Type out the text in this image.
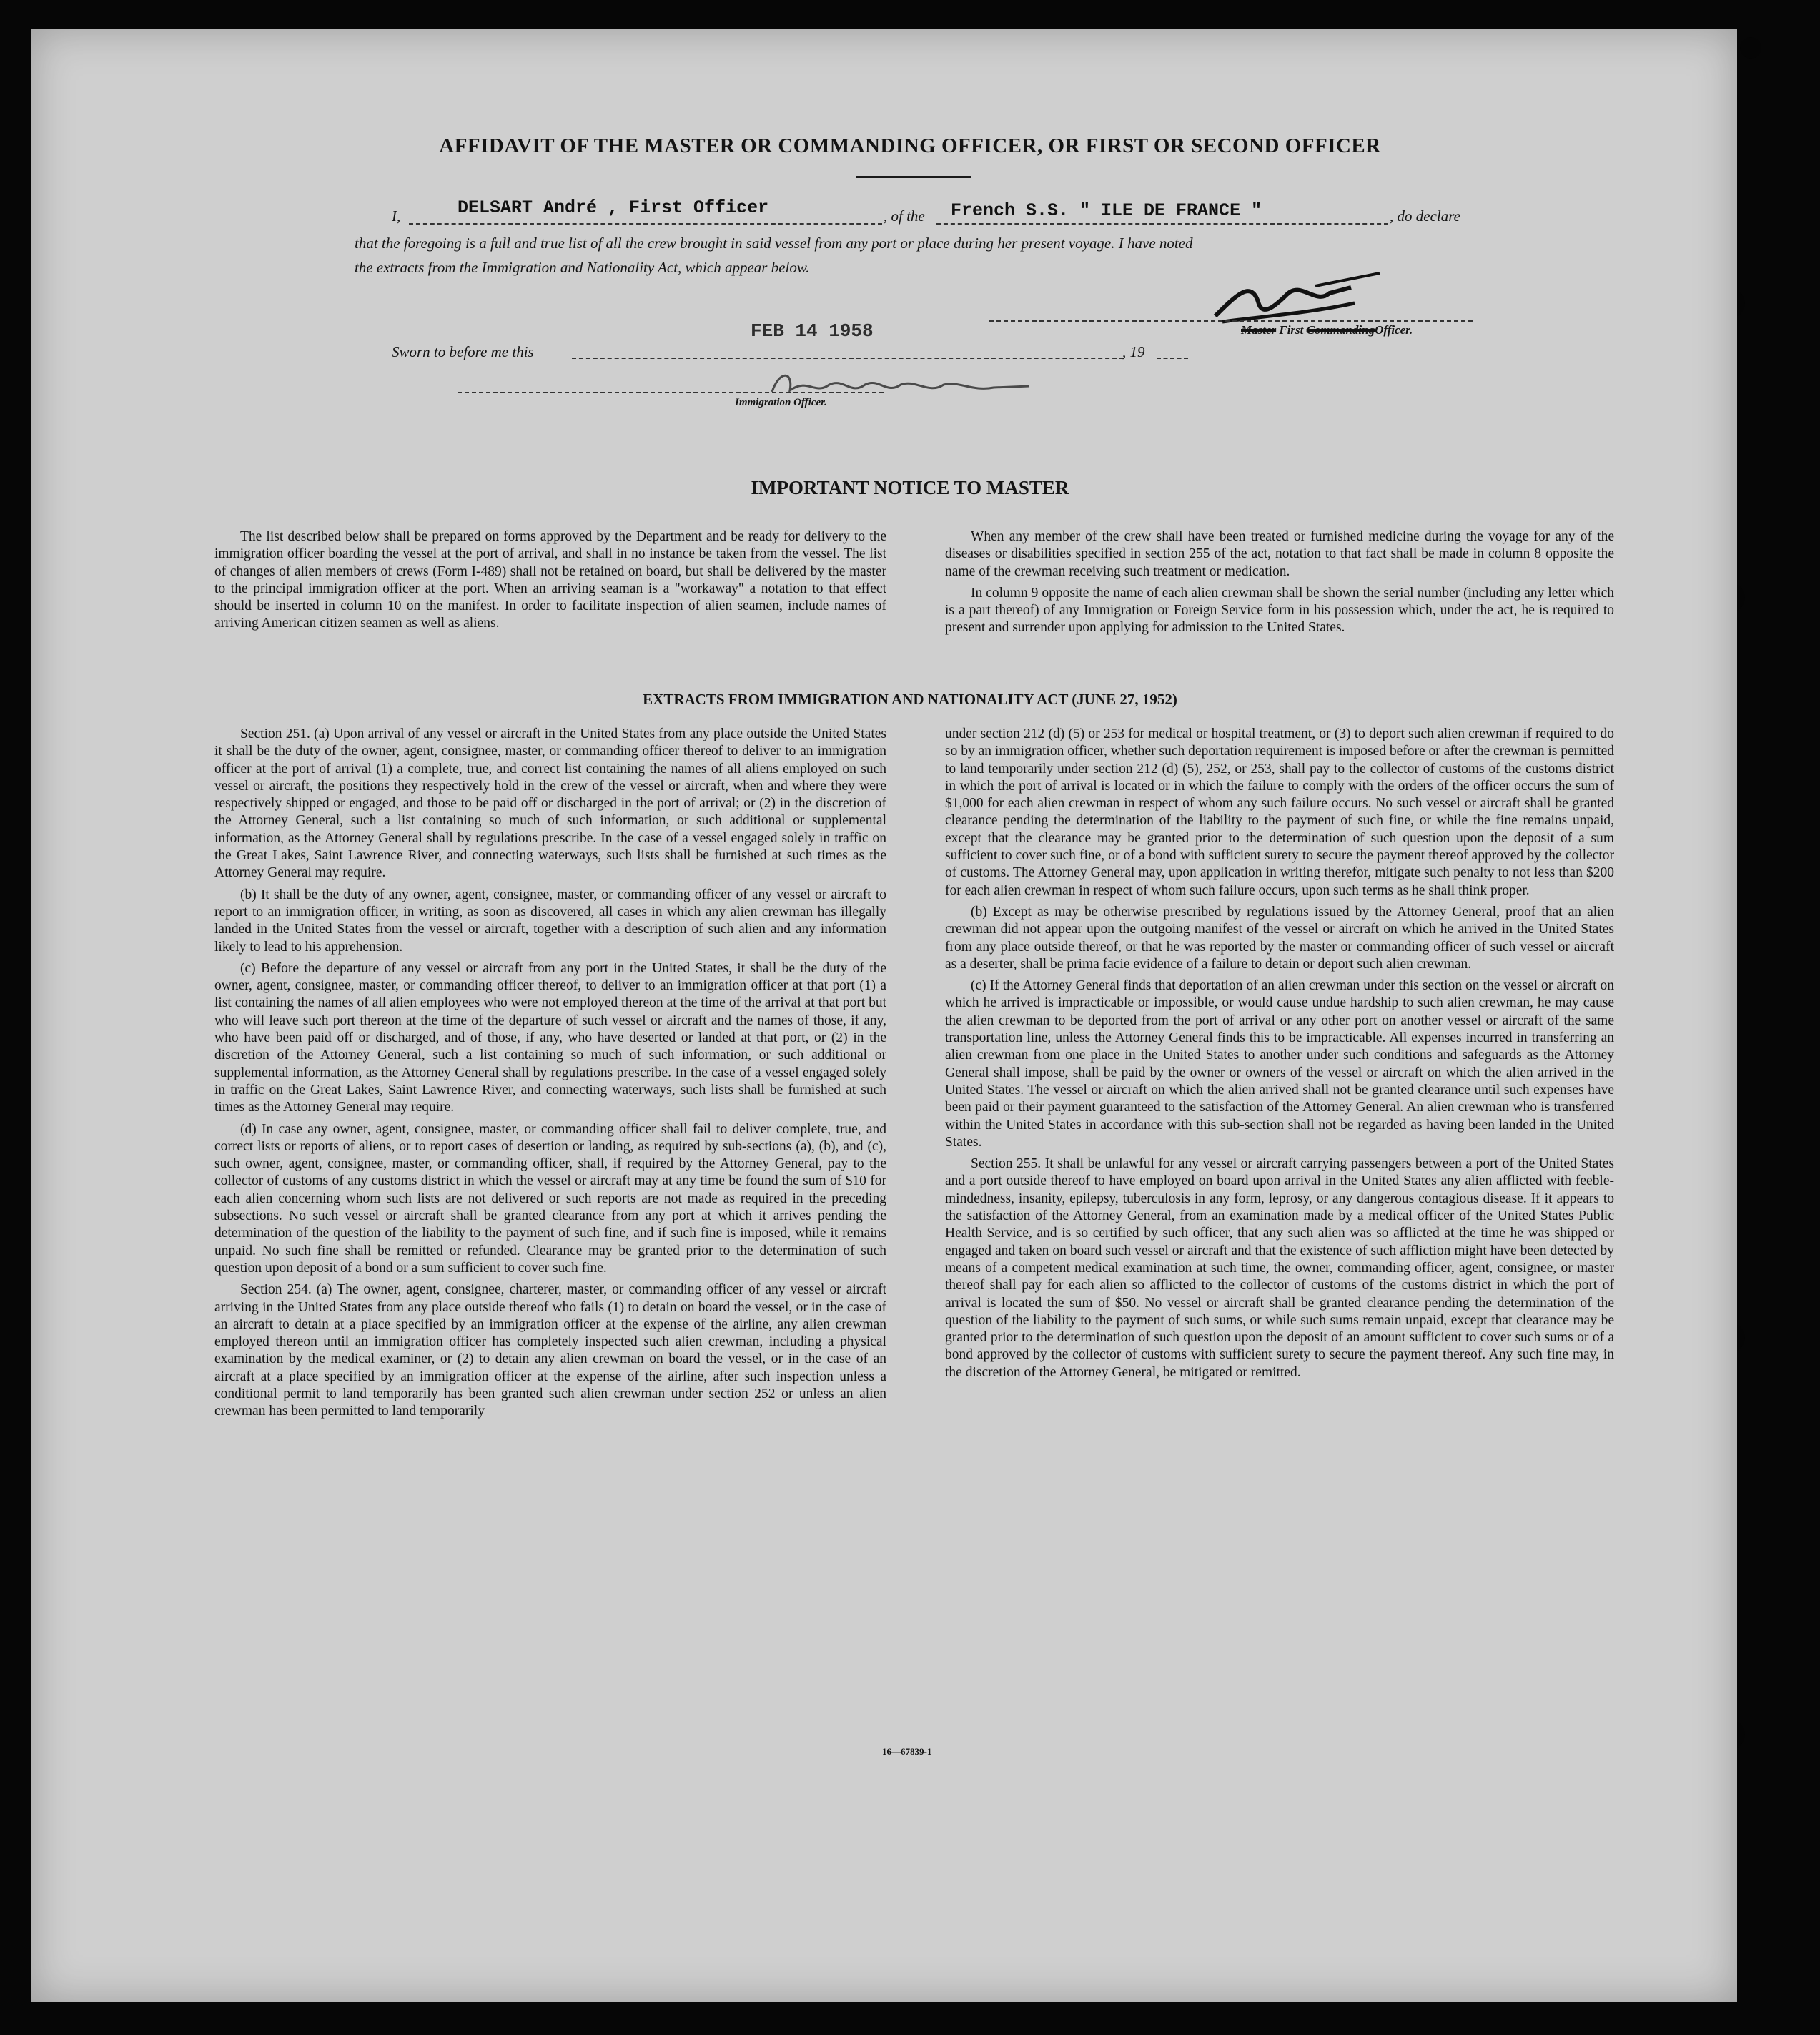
AFFIDAVIT OF THE MASTER OR COMMANDING OFFICER, OR FIRST OR SECOND OFFICER
I,	DELSART André , First Officer	, of the French S.S. " ILE DE FRANCE "	, do declare
that the foregoing is a full and true list of all the crew brought in said vessel from any port or place during her present voyage. I have noted
the extracts from the Immigration and Nationality Act, which appear below.
Master First CommandingOfficer.
Sworn to before me this
FEB 14 1958
, 19
Immigration Officer.
IMPORTANT NOTICE TO MASTER

The list described below shall be prepared on forms approved by the Department and be ready for delivery to the immigration officer boarding the vessel at the port of arrival, and shall in no instance be taken from the vessel. The list of changes of alien members of crews (Form I-489) shall not be retained on board, but shall be delivered by the master to the principal immigration officer at the port. When an arriving seaman is a "workaway" a notation to that effect should be inserted in column 10 on the manifest. In order to facilitate inspection of alien seamen, include names of arriving American citizen seamen as well as aliens.

When any member of the crew shall have been treated or furnished medicine during the voyage for any of the diseases or disabilities specified in section 255 of the act, notation to that fact shall be made in column 8 opposite the name of the crewman receiving such treatment or medication.

In column 9 opposite the name of each alien crewman shall be shown the serial number (including any letter which is a part thereof) of any Immigration or Foreign Service form in his possession which, under the act, he is required to present and surrender upon applying for admission to the United States.

EXTRACTS FROM IMMIGRATION AND NATIONALITY ACT (JUNE 27, 1952)

Section 251. (a) Upon arrival of any vessel or aircraft in the United States from any place outside the United States it shall be the duty of the owner, agent, consignee, master, or commanding officer thereof to deliver to an immigration officer at the port of arrival (1) a complete, true, and correct list containing the names of all aliens employed on such vessel or aircraft, the positions they respectively hold in the crew of the vessel or aircraft, when and where they were respectively shipped or engaged, and those to be paid off or discharged in the port of arrival; or (2) in the discretion of the Attorney General, such a list containing so much of such information, or such additional or supplemental information, as the Attorney General shall by regulations prescribe. In the case of a vessel engaged solely in traffic on the Great Lakes, Saint Lawrence River, and connecting waterways, such lists shall be furnished at such times as the Attorney General may require.

(b) It shall be the duty of any owner, agent, consignee, master, or commanding officer of any vessel or aircraft to report to an immigration officer, in writing, as soon as discovered, all cases in which any alien crewman has illegally landed in the United States from the vessel or aircraft, together with a description of such alien and any information likely to lead to his apprehension.

(c) Before the departure of any vessel or aircraft from any port in the United States, it shall be the duty of the owner, agent, consignee, master, or commanding officer thereof, to deliver to an immigration officer at that port (1) a list containing the names of all alien employees who were not employed thereon at the time of the arrival at that port but who will leave such port thereon at the time of the departure of such vessel or aircraft and the names of those, if any, who have been paid off or discharged, and of those, if any, who have deserted or landed at that port, or (2) in the discretion of the Attorney General, such a list containing so much of such information, or such additional or supplemental information, as the Attorney General shall by regulations prescribe. In the case of a vessel engaged solely in traffic on the Great Lakes, Saint Lawrence River, and connecting waterways, such lists shall be furnished at such times as the Attorney General may require.

(d) In case any owner, agent, consignee, master, or commanding officer shall fail to deliver complete, true, and correct lists or reports of aliens, or to report cases of desertion or landing, as required by sub-sections (a), (b), and (c), such owner, agent, consignee, master, or commanding officer, shall, if required by the Attorney General, pay to the collector of customs of any customs district in which the vessel or aircraft may at any time be found the sum of $10 for each alien concerning whom such lists are not delivered or such reports are not made as required in the preceding subsections. No such vessel or aircraft shall be granted clearance from any port at which it arrives pending the determination of the question of the liability to the payment of such fine, and if such fine is imposed, while it remains unpaid. No such fine shall be remitted or refunded. Clearance may be granted prior to the determination of such question upon deposit of a bond or a sum sufficient to cover such fine.

Section 254. (a) The owner, agent, consignee, charterer, master, or commanding officer of any vessel or aircraft arriving in the United States from any place outside thereof who fails (1) to detain on board the vessel, or in the case of an aircraft to detain at a place specified by an immigration officer at the expense of the airline, any alien crewman employed thereon until an immigration officer has completely inspected such alien crewman, including a physical examination by the medical examiner, or (2) to detain any alien crewman on board the vessel, or in the case of an aircraft at a place specified by an immigration officer at the expense of the airline, after such inspection unless a conditional permit to land temporarily has been granted such alien crewman under section 252 or unless an alien crewman has been permitted to land temporarily

under section 212 (d) (5) or 253 for medical or hospital treatment, or (3) to deport such alien crewman if required to do so by an immigration officer, whether such deportation requirement is imposed before or after the crewman is permitted to land temporarily under section 212 (d) (5), 252, or 253, shall pay to the collector of customs of the customs district in which the port of arrival is located or in which the failure to comply with the orders of the officer occurs the sum of $1,000 for each alien crewman in respect of whom any such failure occurs. No such vessel or aircraft shall be granted clearance pending the determination of the liability to the payment of such fine, or while the fine remains unpaid, except that the clearance may be granted prior to the determination of such question upon the deposit of a sum sufficient to cover such fine, or of a bond with sufficient surety to secure the payment thereof approved by the collector of customs. The Attorney General may, upon application in writing therefor, mitigate such penalty to not less than $200 for each alien crewman in respect of whom such failure occurs, upon such terms as he shall think proper.

(b) Except as may be otherwise prescribed by regulations issued by the Attorney General, proof that an alien crewman did not appear upon the outgoing manifest of the vessel or aircraft on which he arrived in the United States from any place outside thereof, or that he was reported by the master or commanding officer of such vessel or aircraft as a deserter, shall be prima facie evidence of a failure to detain or deport such alien crewman.

(c) If the Attorney General finds that deportation of an alien crewman under this section on the vessel or aircraft on which he arrived is impracticable or impossible, or would cause undue hardship to such alien crewman, he may cause the alien crewman to be deported from the port of arrival or any other port on another vessel or aircraft of the same transportation line, unless the Attorney General finds this to be impracticable. All expenses incurred in transferring an alien crewman from one place in the United States to another under such conditions and safeguards as the Attorney General shall impose, shall be paid by the owner or owners of the vessel or aircraft on which the alien arrived in the United States. The vessel or aircraft on which the alien arrived shall not be granted clearance until such expenses have been paid or their payment guaranteed to the satisfaction of the Attorney General. An alien crewman who is transferred within the United States in accordance with this sub-section shall not be regarded as having been landed in the United States.

Section 255. It shall be unlawful for any vessel or aircraft carrying passengers between a port of the United States and a port outside thereof to have employed on board upon arrival in the United States any alien afflicted with feeble-mindedness, insanity, epilepsy, tuberculosis in any form, leprosy, or any dangerous contagious disease. If it appears to the satisfaction of the Attorney General, from an examination made by a medical officer of the United States Public Health Service, and is so certified by such officer, that any such alien was so afflicted at the time he was shipped or engaged and taken on board such vessel or aircraft and that the existence of such affliction might have been detected by means of a competent medical examination at such time, the owner, commanding officer, agent, consignee, or master thereof shall pay for each alien so afflicted to the collector of customs of the customs district in which the port of arrival is located the sum of $50. No vessel or aircraft shall be granted clearance pending the determination of the question of the liability to the payment of such sums, or while such sums remain unpaid, except that clearance may be granted prior to the determination of such question upon the deposit of an amount sufficient to cover such sums or of a bond approved by the collector of customs with sufficient surety to secure the payment thereof. Any such fine may, in the discretion of the Attorney General, be mitigated or remitted.

16—67839-1
